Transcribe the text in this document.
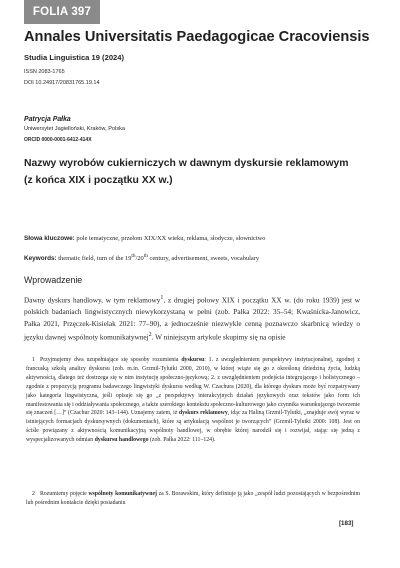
FOLIA 397
Annales Universitatis Paedagogicae Cracoviensis
Studia Linguistica 19 (2024)
ISSN 2083-1765
DOI 10.24917/20831765.19.14
Patrycja Pałka
Uniwersytet Jagielloński, Kraków, Polska
ORCID 0000-0001-6412-414X
Nazwy wyrobów cukierniczych w dawnym dyskursie reklamowym
(z końca XIX i początku XX w.)
Słowa kluczowe: pole tematyczne, przełom XIX/XX wieku, reklama, słodycze, słownictwo
Keywords: thematic field, turn of the 19th/20th century, advertisement, sweets, vocabulary
Wprowadzenie
Dawny dyskurs handlowy, w tym reklamowy$^1$, z drugiej połowy XIX i początku XX w. (do roku 1939) jest w polskich badaniach lingwistycznych niewykorzystaną w pełni (zob. Pałka 2022: 35–54; Kwaśnicka-Janowicz, Pałka 2021, Przęczek-Kisielak 2021: 77–90), a jednocześnie niezwykle cenną poznawczo skarbnicą wiedzy o języku dawnej wspólnoty komunikatywnej$^2$. W niniejszym artykule skupimy się na opisie
1 Przyjmujemy dwa uzupełniające się sposoby rozumienia dyskursu: 1. z uwzględnieniem perspektywy instytucjonalnej, zgodnej z francuską szkołą analizy dyskursu (zob. m.in. Grzmil-Tylutki 2000, 2010), w której wiąże się go z określoną dziedziną życia, ludzką aktywnością, dlatego też dostrzega się w nim instytucję społeczno-językową; 2. z uwzględnieniem podejścia integrującego i holistycznego – zgodnie z propozycją programu badawczego lingwistyki dyskursu według W. Czachura (2020), dla którego dyskurs może być rozpatrywany jako kategoria lingwistyczna, jeśli opisuje się go „z perspektywy interakcyjnych działań językowych oraz tekstów jako form ich manifestowania się i oddziaływania społecznego, a także szerokiego kontekstu społeczno-kulturowego jako czynnika warunkującego tworzenie się znaczeń […]” (Czachur 2020: 143–144). Uznajemy zatem, iż dyskurs reklamowy, idąc za Haliną Grzmil-Tylutki, „znajduje swój wyraz w istniejących formacjach dyskursywnych (dokumentach), które są artykułacją wspólnot je tworzących” (Grzmil-Tylutki 2000: 108). Jest on ściśle powiązany z aktywnością komunikacyjną wspólnoty handlowej, w obrębie której narodził się i rozwijał, stając się jedną z wyspecjalizowanych odmian dyskursu handlowego (zob. Pałka 2022: 111–124).
2 Rozumiemy pojęcie wspólnoty komunikatywnej za S. Borawskim, który definiuje ją jako „zespół ludzi pozostających w bezpośrednim lub pośrednim kontakcie dzięki posiadaniu
[183]
